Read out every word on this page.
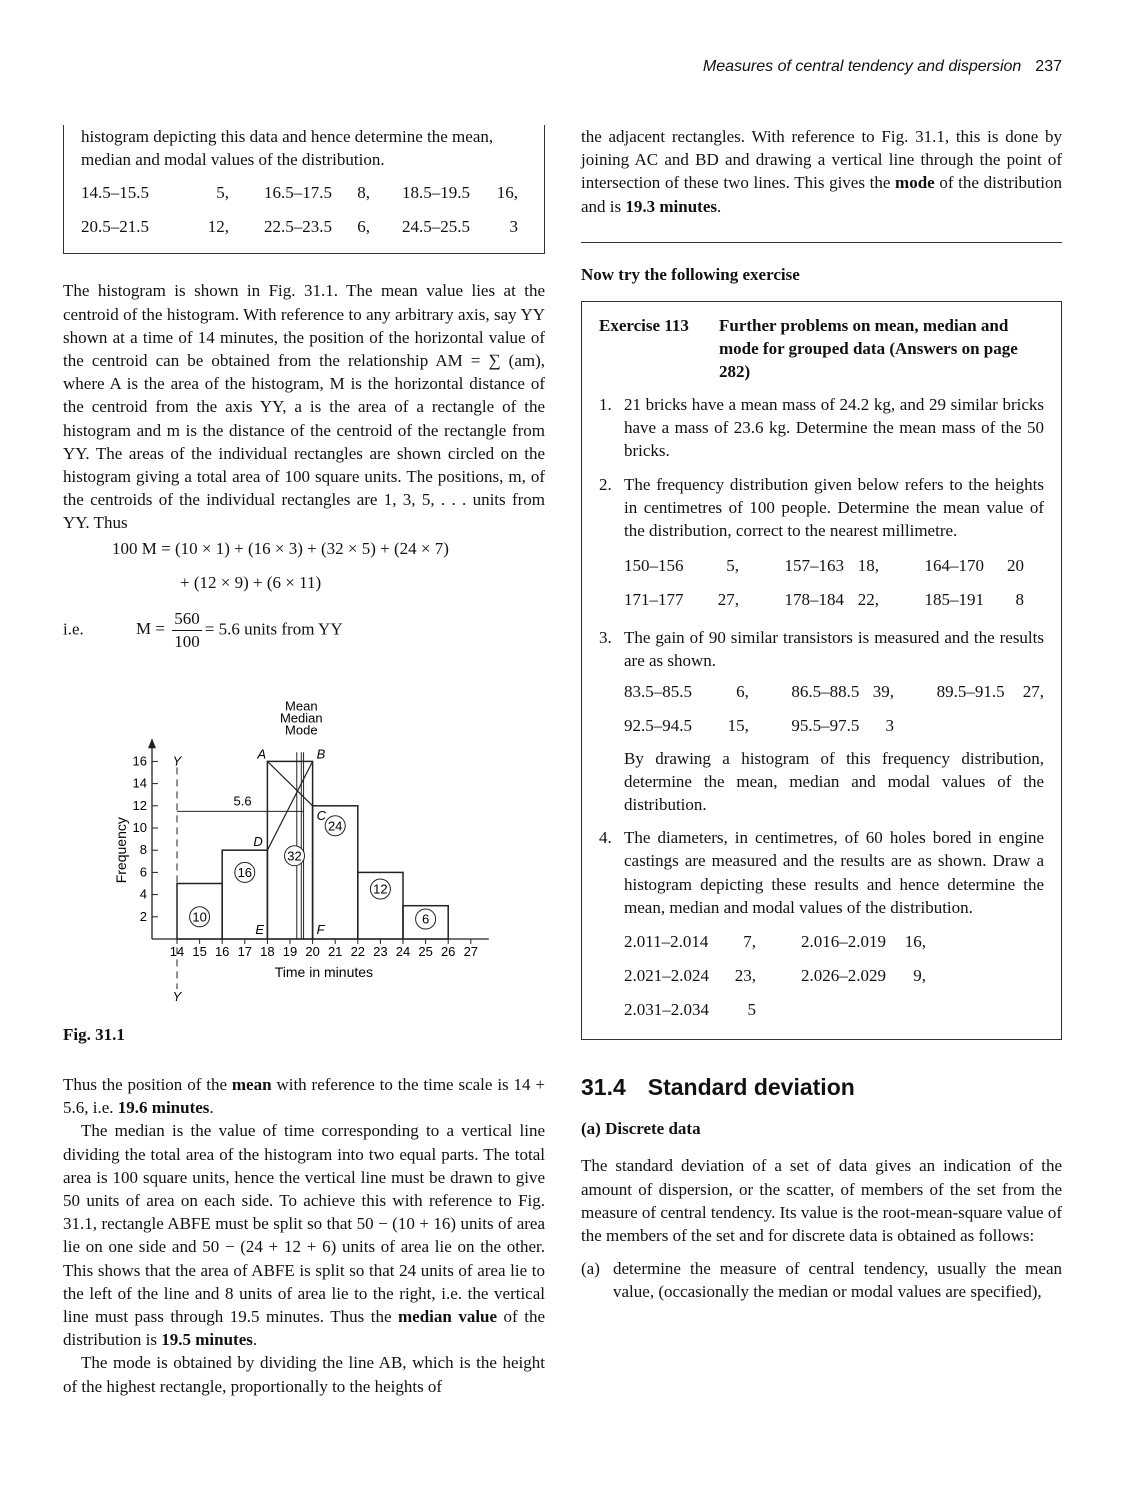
Measures of central tendency and dispersion 237

histogram depicting this data and hence determine the mean, median and modal values of the distribution.

14.5–15.5	5,	16.5–17.5	8,	18.5–19.5	16,
20.5–21.5	12,	22.5–23.5	6,	24.5–25.5	3

The histogram is shown in Fig. 31.1. The mean value lies at the centroid of the histogram. With reference to any arbitrary axis, say YY shown at a time of 14 minutes, the position of the horizontal value of the centroid can be obtained from the relationship AM = ∑ (am), where A is the area of the histogram, M is the horizontal distance of the centroid from the axis YY, a is the area of a rectangle of the histogram and m is the distance of the centroid of the rectangle from YY. The areas of the individual rectangles are shown circled on the histogram giving a total area of 100 square units. The positions, m, of the centroids of the individual rectangles are 1, 3, 5, . . . units from YY. Thus

100 M = (10 × 1) + (16 × 3) + (32 × 5) + (24 × 7)
+ (12 × 9) + (6 × 11)
i.e.	$M = \frac{560}{100} = 5.6$ units from YY
2
4
6
8
10
12
14
16
14 15 16 17 18 19 20 21 22 23 24 25 26 27
Time in minutes
Frequency
Y
Y
5.6
Mean
Median
Mode
A	B
C
D
E	F
10
16
32
24
12
6
Fig. 31.1

Thus the position of the mean with reference to the time scale is 14 + 5.6, i.e. 19.6 minutes.

The median is the value of time corresponding to a vertical line dividing the total area of the histogram into two equal parts. The total area is 100 square units, hence the vertical line must be drawn to give 50 units of area on each side. To achieve this with reference to Fig. 31.1, rectangle ABFE must be split so that 50 − (10 + 16) units of area lie on one side and 50 − (24 + 12 + 6) units of area lie on the other. This shows that the area of ABFE is split so that 24 units of area lie to the left of the line and 8 units of area lie to the right, i.e. the vertical line must pass through 19.5 minutes. Thus the median value of the distribution is 19.5 minutes.

The mode is obtained by dividing the line AB, which is the height of the highest rectangle, proportionally to the heights of

the adjacent rectangles. With reference to Fig. 31.1, this is done by joining AC and BD and drawing a vertical line through the point of intersection of these two lines. This gives the mode of the distribution and is 19.3 minutes.

Now try the following exercise

Exercise 113	Further problems on mean, median and mode for grouped data (Answers on page 282)
1. 21 bricks have a mean mass of 24.2 kg, and 29 similar bricks have a mass of 23.6 kg. Determine the mean mass of the 50 bricks.

2. The frequency distribution given below refers to the heights in centimetres of 100 people. Determine the mean value of the distribution, correct to the nearest millimetre.

150–156	5,	157–163	18,	164–170	20
171–177	27,	178–184	22,	185–191	8
3. The gain of 90 similar transistors is measured and the results are as shown.

83.5–85.5	6,	86.5–88.5	39,	89.5–91.5	27,
92.5–94.5	15,	95.5–97.5	3		

By drawing a histogram of this frequency distribution, determine the mean, median and modal values of the distribution.

4. The diameters, in centimetres, of 60 holes bored in engine castings are measured and the results are as shown. Draw a histogram depicting these results and hence determine the mean, median and modal values of the distribution.

2.011–2.014	7,	2.016–2.019	16,
2.021–2.024	23,	2.026–2.029	9,
2.031–2.034	5		
31.4 Standard deviation

(a) Discrete data

The standard deviation of a set of data gives an indication of the amount of dispersion, or the scatter, of members of the set from the measure of central tendency. Its value is the root-mean-square value of the members of the set and for discrete data is obtained as follows:

(a) determine the measure of central tendency, usually the mean value, (occasionally the median or modal values are specified),
